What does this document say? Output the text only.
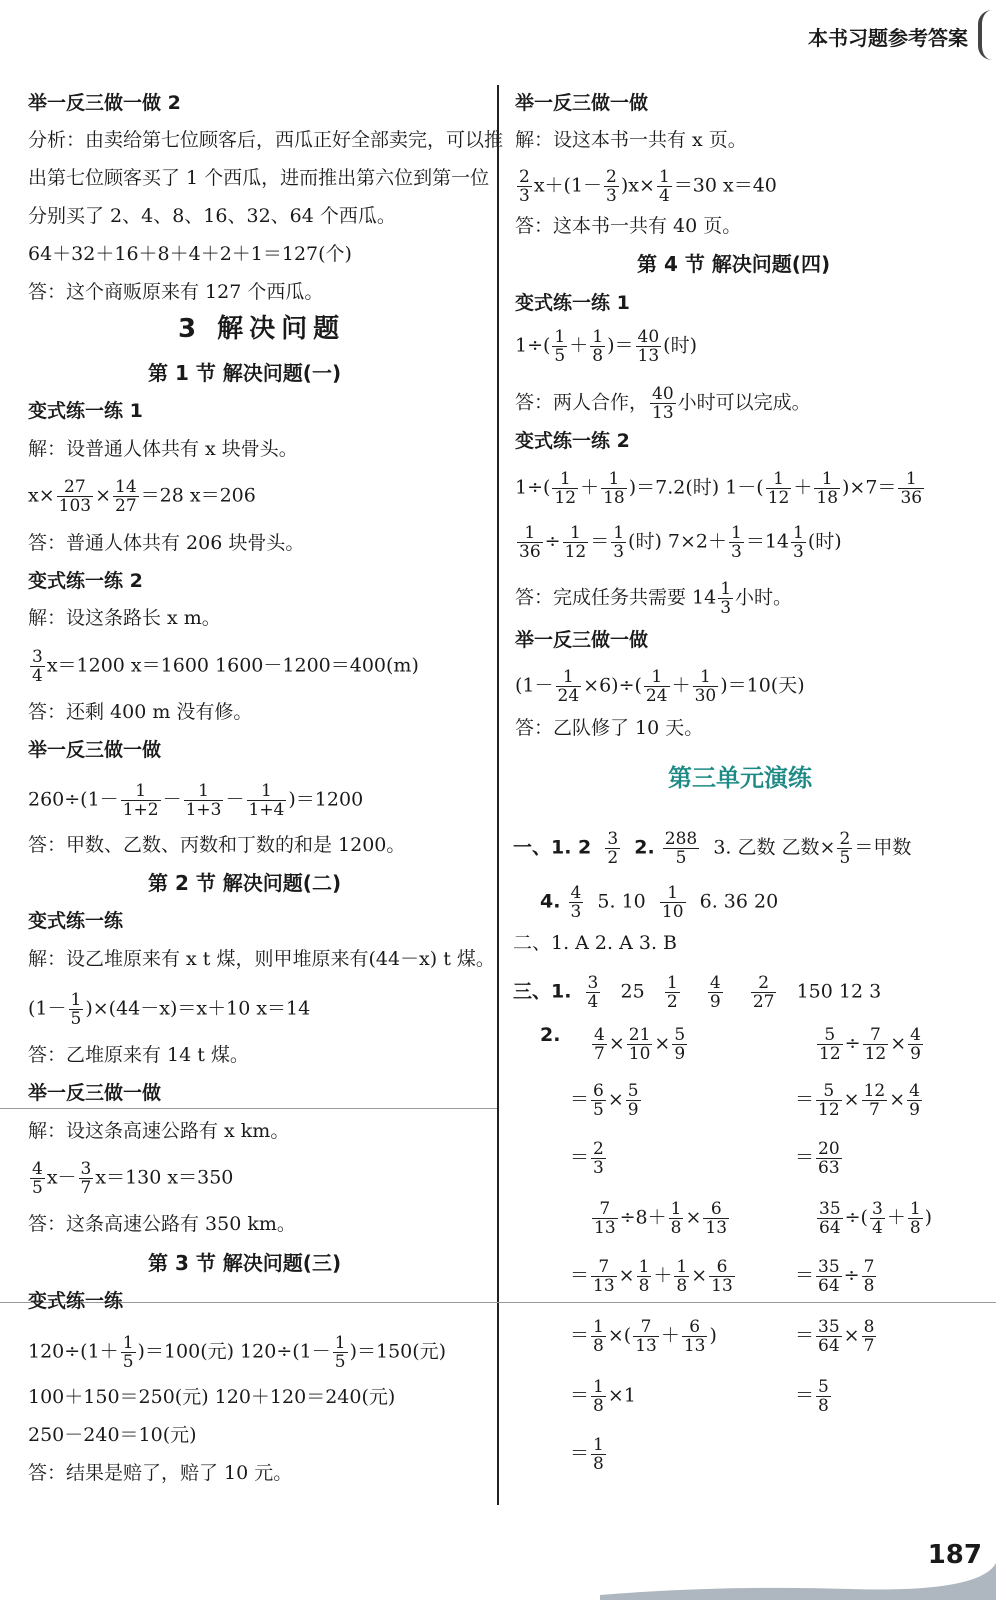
本书习题参考答案
举一反三做一做 2
分析：由卖给第七位顾客后，西瓜正好全部卖完，可以推
出第七位顾客买了 1 个西瓜，进而推出第六位到第一位
分别买了 2、4、8、16、32、64 个西瓜。
64＋32＋16＋8＋4＋2＋1＝127(个)
答：这个商贩原来有 127 个西瓜。
3 解决问题
第 1 节 解决问题(一)
变式练一练 1
解：设普通人体共有 x 块骨头。
$x\times \frac{27}{103} \times \frac{14}{27} =28$ x＝206
答：普通人体共有 206 块骨头。
变式练一练 2
解：设这条路长 x m。
$\frac{3}{4} x=1200$ x＝1600 1600－1200＝400(m)
答：还剩 400 m 没有修。
举一反三做一做
$260\div(1- \frac{1}{1+2} - \frac{1}{1+3} - \frac{1}{1+4} )=1200$
答：甲数、乙数、丙数和丁数的和是 1200。
第 2 节 解决问题(二)
变式练一练
解：设乙堆原来有 x t 煤，则甲堆原来有(44－x) t 煤。
$(1- \frac{1}{5} )\times(44-x)=x+10$ x＝14
答：乙堆原来有 14 t 煤。
举一反三做一做
解：设这条高速公路有 x km。
$\frac{4}{5} x- \frac{3}{7} x=130$ x＝350
答：这条高速公路有 350 km。
第 3 节 解决问题(三)
变式练一练
$120\div(1+ \frac{1}{5} )=100$(元) $120\div(1- \frac{1}{5} )=150$(元)
100＋150＝250(元) 120＋120＝240(元)
250－240＝10(元)
答：结果是赔了，赔了 10 元。
举一反三做一做
解：设这本书一共有 x 页。
$\frac{2}{3} x+(1- \frac{2}{3} )x\times \frac{1}{4} =30$ x＝40
答：这本书一共有 40 页。
第 4 节 解决问题(四)
变式练一练 1
$1\div( \frac{1}{5} + \frac{1}{8}$ )＝ $\frac{40}{13}$ (时)
答：两人合作， $\frac{40}{13}$ 小时可以完成。
变式练一练 2
$1\div( \frac{1}{12} + \frac{1}{18} )=7.2$(时) $1-( \frac{1}{12} + \frac{1}{18} )\times 7= \frac{1}{36}$
$\frac{1}{36} \div \frac{1}{12} = \frac{1}{3}$ (时) $7\times 2+ \frac{1}{3} =14 \frac{1}{3}$ (时)
答：完成任务共需要 $14 \frac{1}{3}$ 小时。
举一反三做一做
$(1- \frac{1}{24} \times 6)\div( \frac{1}{24} + \frac{1}{30} )=10$(天)
答：乙队修了 10 天。
第三单元演练
一、1. $2 \frac{3}{2} 2$. $\frac{288}{5} 3$. 乙数 乙数× $\frac{2}{5}$ ＝甲数
4. $\frac{4}{3} 5$. $10 \frac{1}{10} 6$. 36 20
二、1. A 2. A 3. B
三、1. $\frac{3}{4} 25 \frac{1}{2}$
$\frac{4}{9}$
$\frac{2}{27} 150$ 12 3
2. $\frac{4}{7} \times \frac{21}{10} \times \frac{5}{9}$
＝ $\frac{6}{5} \times \frac{5}{9}$
＝ $\frac{2}{3}$
$\frac{7}{13} \div 8+ \frac{1}{8} \times \frac{6}{13}$
＝ $\frac{7}{13} \times \frac{1}{8} + \frac{1}{8} \times \frac{6}{13}$
＝ $\frac{1}{8}$ ×( $\frac{7}{13} + \frac{6}{13}$ )
＝ $\frac{1}{8} \times 1$
＝ $\frac{1}{8}$
$\frac{5}{12} \div \frac{7}{12} \times \frac{4}{9}$
＝ $\frac{5}{12} \times \frac{12}{7} \times \frac{4}{9}$
＝ $\frac{20}{63}$
$\frac{35}{64}$ ÷( $\frac{3}{4} + \frac{1}{8}$ )
＝ $\frac{35}{64} \div \frac{7}{8}$
＝ $\frac{35}{64} \times \frac{8}{7}$
＝ $\frac{5}{8}$
187
